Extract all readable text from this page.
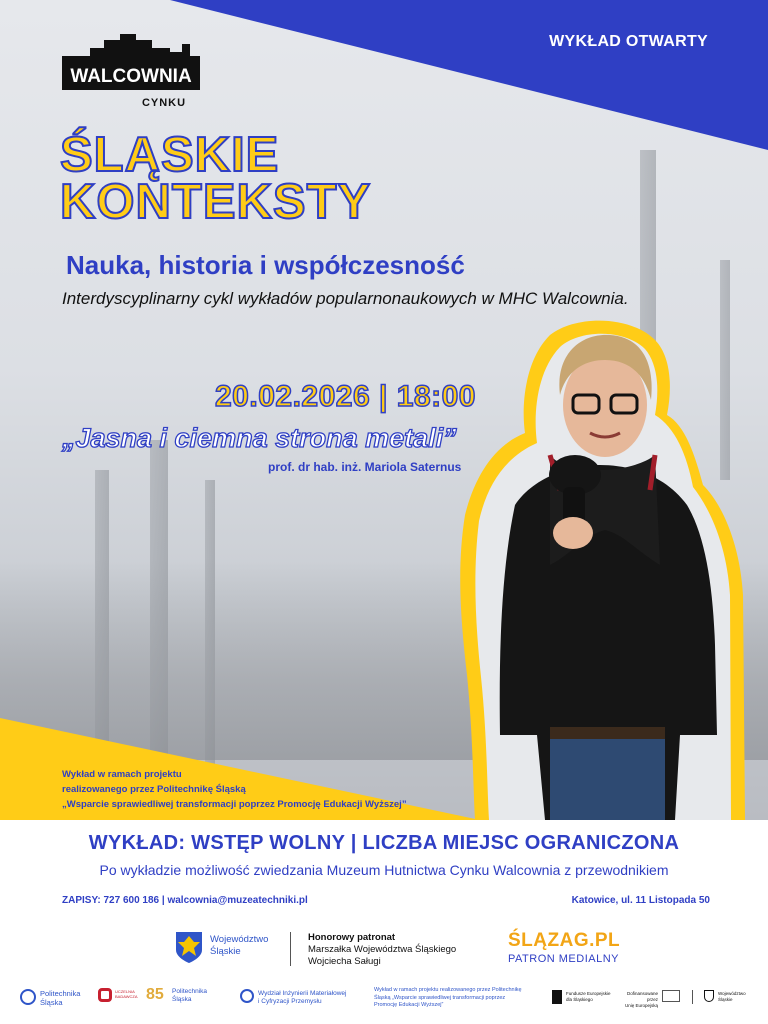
WYKŁAD OTWARTY
WALCOWNIA
CYNKU
ŚLĄSKIE
KONTEKSTY
Nauka, historia i współczesność
Interdyscyplinarny cykl wykładów popularnonaukowych w MHC Walcownia.
20.02.2026 | 18:00
„Jasna i ciemna strona metali”
prof. dr hab. inż. Mariola Saternus
Wykład w ramach projektu
realizowanego przez Politechnikę Śląską
„Wsparcie sprawiedliwej transformacji poprzez Promocję Edukacji Wyższej”
WYKŁAD: WSTĘP WOLNY | LICZBA MIEJSC OGRANICZONA
Po wykładzie możliwość zwiedzania Muzeum Hutnictwa Cynku Walcownia z przewodnikiem
ZAPISY: 727 600 186 | walcownia@muzeatechniki.pl	Katowice, ul. 11 Listopada 50
Województwo
Śląskie
Honorowy patronat
Marszałka Województwa Śląskiego
Wojciecha Saługi
ŚLĄZAG.PL
PATRON MEDIALNY
Politechnika
Śląska
UCZELNIA BADAWCZA 85 Politechnika
Śląska
Wydział Inżynierii Materiałowej
i Cyfryzacji Przemysłu
Wykład w ramach projektu realizowanego przez Politechnikę
Śląską „Wsparcie sprawiedliwej transformacji poprzez
Promocję Edukacji Wyższej”
Fundusze Europejskie
dla Śląskiego
Dofinansowane przez
Unię Europejską
Województwo
Śląskie
